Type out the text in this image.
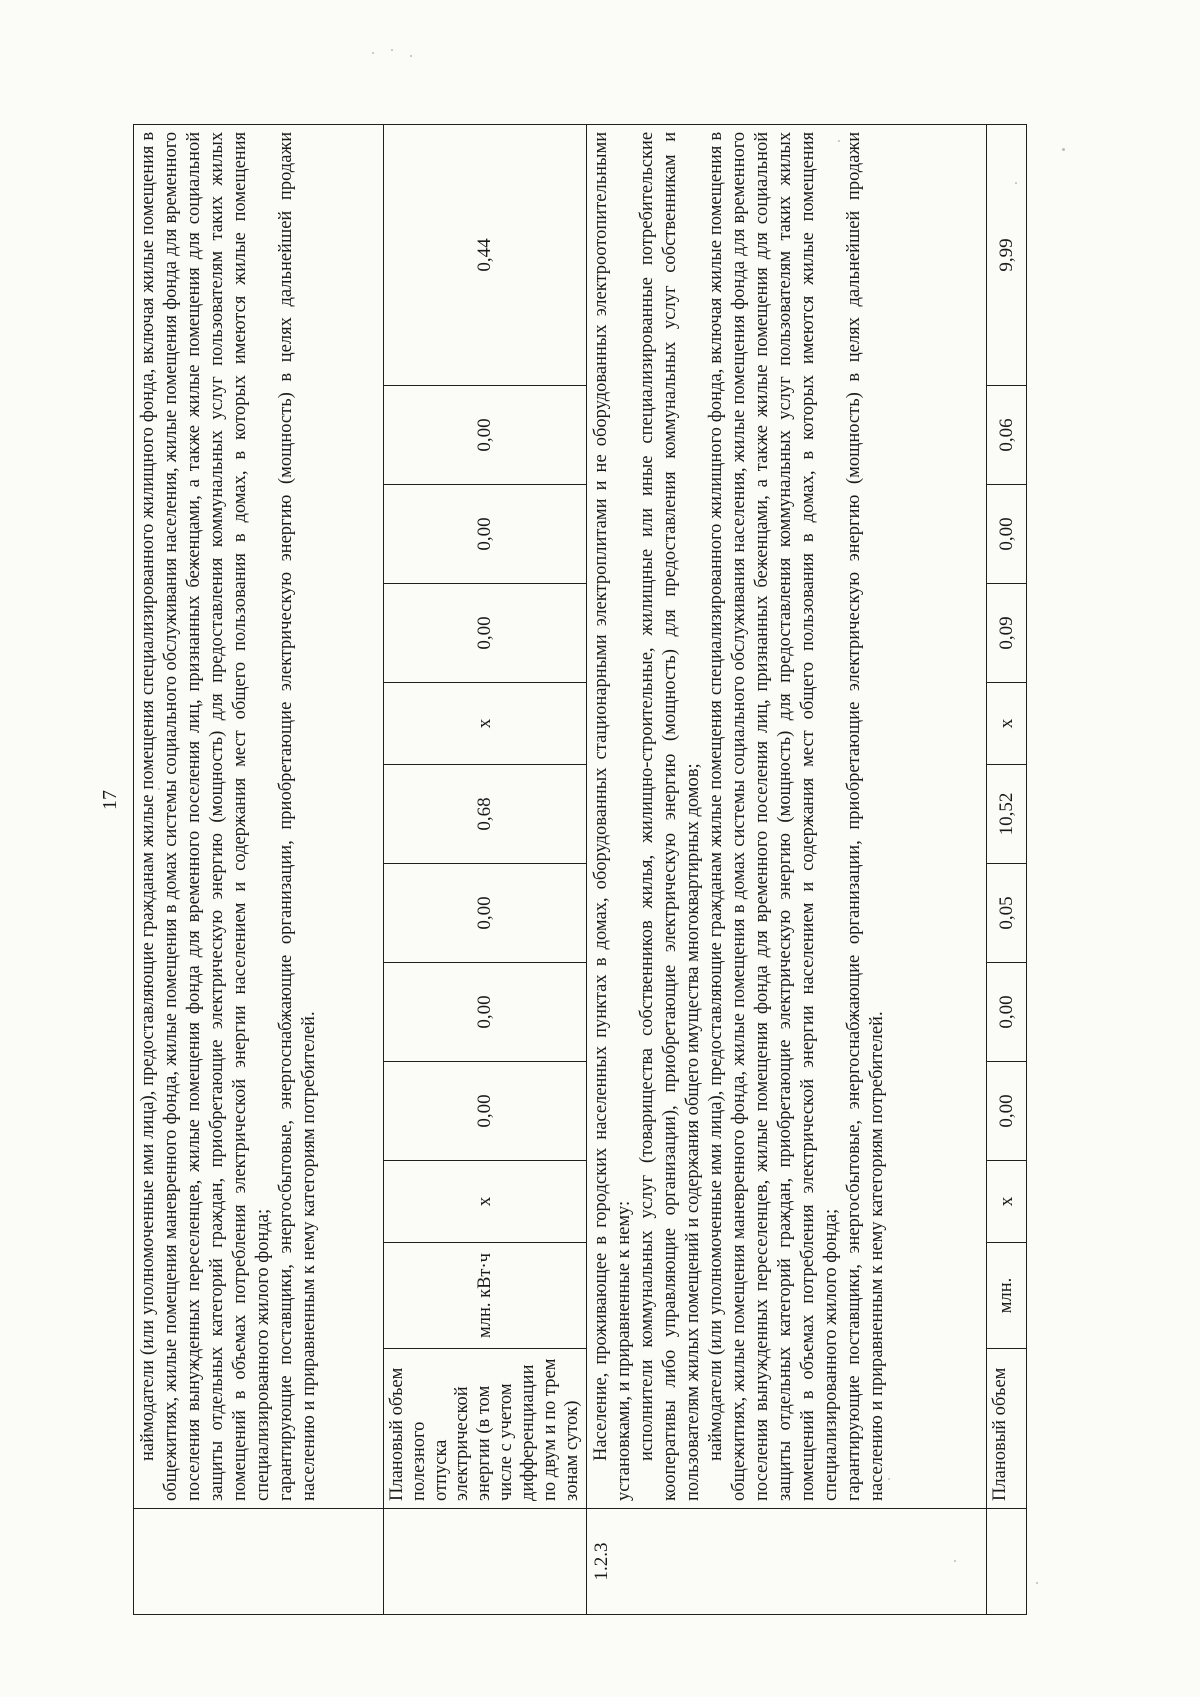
17

	наймодатели (или уполномоченные ими лица), предоставляющие гражданам жилые помещения специализированного жилищного фонда, включая жилые помещения в общежитиях, жилые помещения маневренного фонда, жилые помещения в домах системы социального обслуживания населения, жилые помещения фонда для временного поселения вынужденных переселенцев, жилые помещения фонда для временного поселения лиц, признанных беженцами, а также жилые помещения для социальной защиты отдельных категорий граждан, приобретающие электрическую энергию (мощность) для предоставления коммунальных услуг пользователям таких жилых помещений в объемах потребления электрической энергии населением и содержания мест общего пользования в домах, в которых имеются жилые помещения специализированного жилого фонда; гарантирующие поставщики, энергосбытовые, энергоснабжающие организации, приобретающие электрическую энергию (мощность) в целях дальнейшей продажи населению и приравненным к нему категориям потребителей.											

	Плановый объем полезного отпуска электрической энергии (в том числе с учетом дифференциации по двум и по трем зонам суток)	млн. кВт·ч	х	0,00	0,00	0,00	0,68	х	0,00	0,00	0,00	0,44
1.2.3	Население, проживающее в городских населенных пунктах в домах, оборудованных стационарными электроплитами и не оборудованных электроотопительными установками, и приравненные к нему: исполнители коммунальных услуг (товарищества собственников жилья, жилищно-строительные, жилищные или иные специализированные потребительские кооперативы либо управляющие организации), приобретающие электрическую энергию (мощность) для предоставления коммунальных услуг собственникам и пользователям жилых помещений и содержания общего имущества многоквартирных домов; наймодатели (или уполномоченные ими лица), предоставляющие гражданам жилые помещения специализированного жилищного фонда, включая жилые помещения в общежитиях, жилые помещения маневренного фонда, жилые помещения в домах системы социального обслуживания населения, жилые помещения фонда для временного поселения вынужденных переселенцев, жилые помещения фонда для временного поселения лиц, признанных беженцами, а также жилые помещения для социальной защиты отдельных категорий граждан, приобретающие электрическую энергию (мощность) для предоставления коммунальных услуг пользователям таких жилых помещений в объемах потребления электрической энергии населением и содержания мест общего пользования в домах, в которых имеются жилые помещения специализированного жилого фонда; гарантирующие поставщики, энергосбытовые, энергоснабжающие организации, приобретающие электрическую энергию (мощность) в целях дальнейшей продажи населению и приравненным к нему категориям потребителей.											

	Плановый объем	млн.	х	0,00	0,00	0,05	10,52	х	0,09	0,00	0,06	9,99
